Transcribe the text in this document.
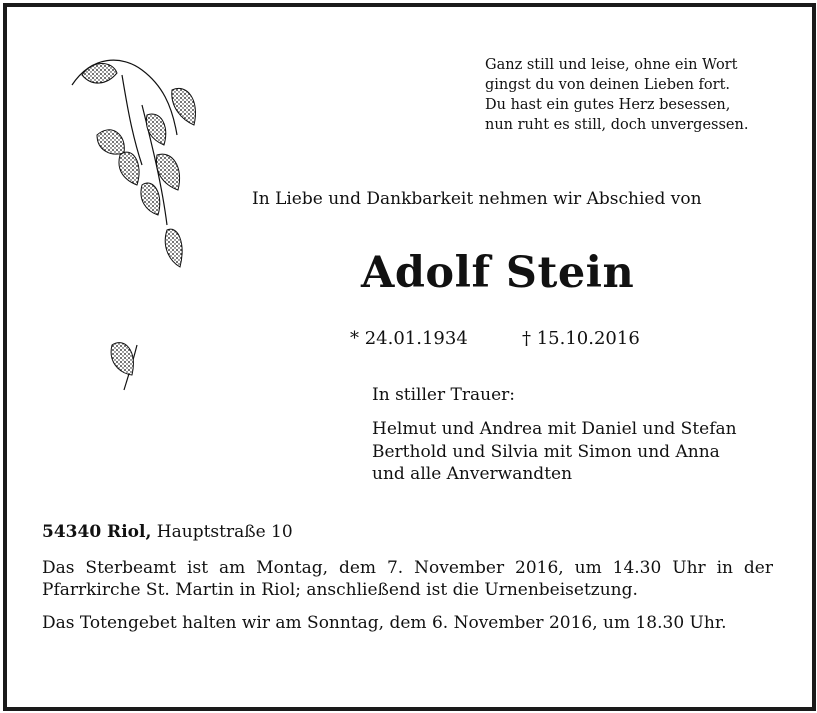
Ganz still und leise, ohne ein Wort
gingst du von deinen Lieben fort.
Du hast ein gutes Herz besessen,
nun ruht es still, doch unvergessen.
In Liebe und Dankbarkeit nehmen wir Abschied von
Adolf Stein
* 24.01.1934	† 15.10.2016
In stiller Trauer:
Helmut und Andrea mit Daniel und Stefan
Berthold und Silvia mit Simon und Anna
und alle Anverwandten
54340 Riol, Hauptstraße 10
Das Sterbeamt ist am Montag, dem 7. November 2016, um 14.30 Uhr in der Pfarrkirche St. Martin in Riol; anschließend ist die Urnenbeisetzung.
Das Totengebet halten wir am Sonntag, dem 6. November 2016, um 18.30 Uhr.
